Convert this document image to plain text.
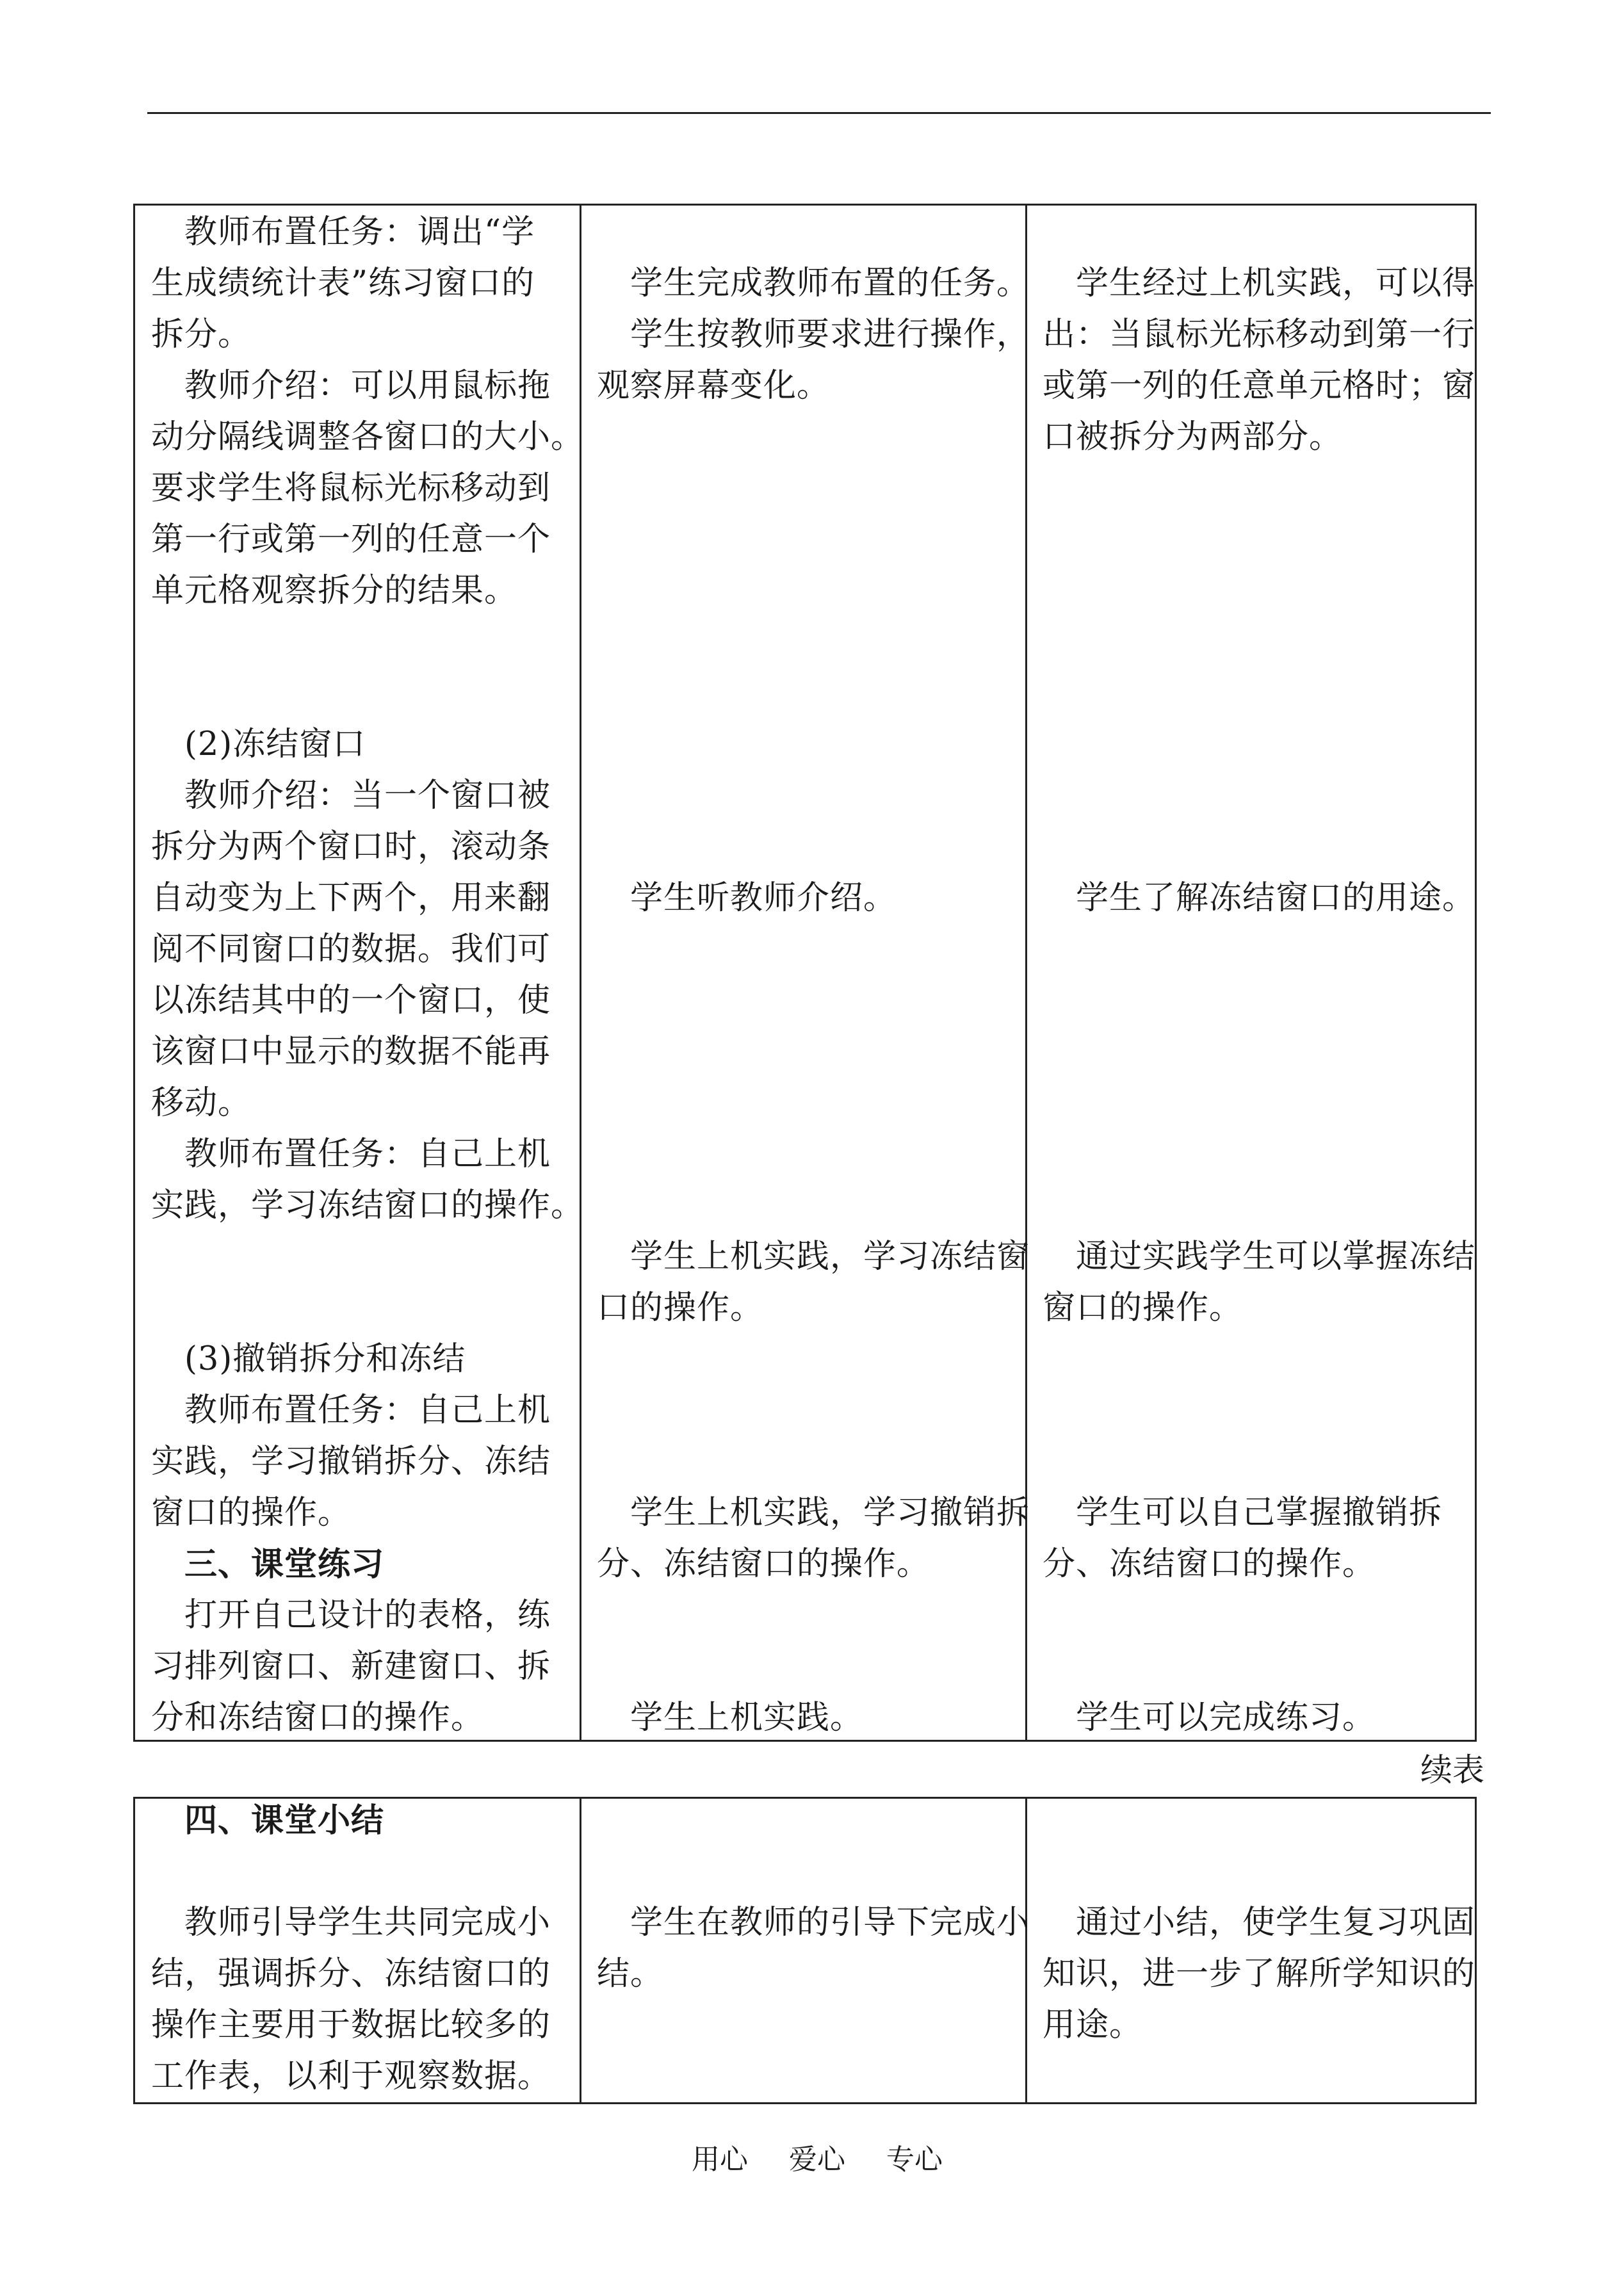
　教师布置任务：调出“学
生成绩统计表”练习窗口的
拆分。
　教师介绍：可以用鼠标拖
动分隔线调整各窗口的大小。
要求学生将鼠标光标移动到
第一行或第一列的任意一个
单元格观察拆分的结果。
　(2)冻结窗口
　教师介绍：当一个窗口被
拆分为两个窗口时，滚动条
自动变为上下两个，用来翻
阅不同窗口的数据。我们可
以冻结其中的一个窗口，使
该窗口中显示的数据不能再
移动。
　教师布置任务：自己上机
实践，学习冻结窗口的操作。
　(3)撤销拆分和冻结
　教师布置任务：自己上机
实践，学习撤销拆分、冻结
窗口的操作。
　三、课堂练习
　打开自己设计的表格，练
习排列窗口、新建窗口、拆
分和冻结窗口的操作。
　学生完成教师布置的任务。
　学生按教师要求进行操作，
观察屏幕变化。
　学生听教师介绍。
　学生上机实践，学习冻结窗
口的操作。
　学生上机实践，学习撤销拆
分、冻结窗口的操作。
　学生上机实践。
　学生经过上机实践，可以得
出：当鼠标光标移动到第一行
或第一列的任意单元格时；窗
口被拆分为两部分。
　学生了解冻结窗口的用途。
　通过实践学生可以掌握冻结
窗口的操作。
　学生可以自己掌握撤销拆
分、冻结窗口的操作。
　学生可以完成练习。
续表
　四、课堂小结
　教师引导学生共同完成小
结，强调拆分、冻结窗口的
操作主要用于数据比较多的
工作表，以利于观察数据。
　学生在教师的引导下完成小
结。
　通过小结，使学生复习巩固
知识，进一步了解所学知识的
用途。
用心 爱心 专心
